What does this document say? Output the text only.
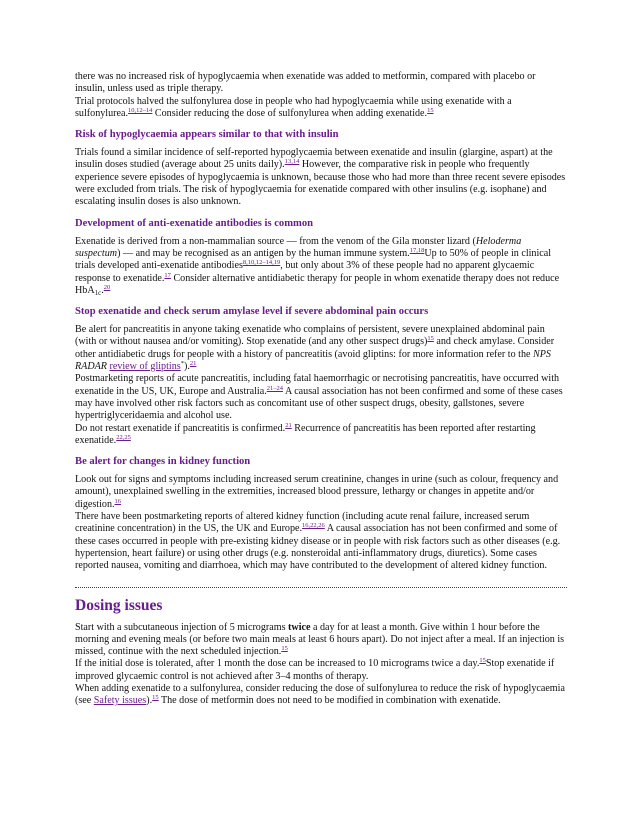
there was no increased risk of hypoglycaemia when exenatide was added to metformin, compared with placebo or insulin, unless used as triple therapy.

Trial protocols halved the sulfonylurea dose in people who had hypoglycaemia while using exenatide with a sulfonylurea.$^{10,12-14}$ Consider reducing the dose of sulfonylurea when adding exenatide.$^{15}$

Risk of hypoglycaemia appears similar to that with insulin

Trials found a similar incidence of self-reported hypoglycaemia between exenatide and insulin (glargine, aspart) at the insulin doses studied (average about 25 units daily).$^{13,14}$ However, the comparative risk in people who frequently experience severe episodes of hypoglycaemia is unknown, because those who had more than three recent severe episodes were excluded from trials. The risk of hypoglycaemia for exenatide compared with other insulins (e.g. isophane) and escalating insulin doses is also unknown.

Development of anti-exenatide antibodies is common

Exenatide is derived from a non-mammalian source — from the venom of the Gila monster lizard (Heloderma suspectum) — and may be recognised as an antigen by the human immune system.$^{17,18}$Up to 50% of people in clinical trials developed anti-exenatide antibodies$^{8,10,12-14,19}$, but only about 3% of these people had no apparent glycaemic response to exenatide.$^{17}$ Consider alternative antidiabetic therapy for people in whom exenatide therapy does not reduce HbA$_{1c}$.$^{20}$

Stop exenatide and check serum amylase level if severe abdominal pain occurs

Be alert for pancreatitis in anyone taking exenatide who complains of persistent, severe unexplained abdominal pain (with or without nausea and/or vomiting). Stop exenatide (and any other suspect drugs)$^{15}$ and check amylase. Consider other antidiabetic drugs for people with a history of pancreatitis (avoid gliptins: for more information refer to the NPS RADAR review of gliptins*).$^{21}$

Postmarketing reports of acute pancreatitis, including fatal haemorrhagic or necrotising pancreatitis, have occurred with exenatide in the US, UK, Europe and Australia.$^{21-24}$ A causal association has not been confirmed and some of these cases may have involved other risk factors such as concomitant use of other suspect drugs, obesity, gallstones, severe hypertriglyceridaemia and alcohol use.

Do not restart exenatide if pancreatitis is confirmed.$^{21}$ Recurrence of pancreatitis has been reported after restarting exenatide.$^{22,25}$

Be alert for changes in kidney function

Look out for signs and symptoms including increased serum creatinine, changes in urine (such as colour, frequency and amount), unexplained swelling in the extremities, increased blood pressure, lethargy or changes in appetite and/or digestion.$^{16}$

There have been postmarketing reports of altered kidney function (including acute renal failure, increased serum creatinine concentration) in the US, the UK and Europe.$^{16,22,26}$ A causal association has not been confirmed and some of these cases occurred in people with pre-existing kidney disease or in people with risk factors such as other diseases (e.g. hypertension, heart failure) or using other drugs (e.g. nonsteroidal anti-inflammatory drugs, diuretics). Some cases reported nausea, vomiting and diarrhoea, which may have contributed to the development of altered kidney function.

Dosing issues

Start with a subcutaneous injection of 5 micrograms twice a day for at least a month. Give within 1 hour before the morning and evening meals (or before two main meals at least 6 hours apart). Do not inject after a meal. If an injection is missed, continue with the next scheduled injection.$^{15}$

If the initial dose is tolerated, after 1 month the dose can be increased to 10 micrograms twice a day.$^{15}$Stop exenatide if improved glycaemic control is not achieved after 3–4 months of therapy.

When adding exenatide to a sulfonylurea, consider reducing the dose of sulfonylurea to reduce the risk of hypoglycaemia (see Safety issues).$^{15}$ The dose of metformin does not need to be modified in combination with exenatide.
